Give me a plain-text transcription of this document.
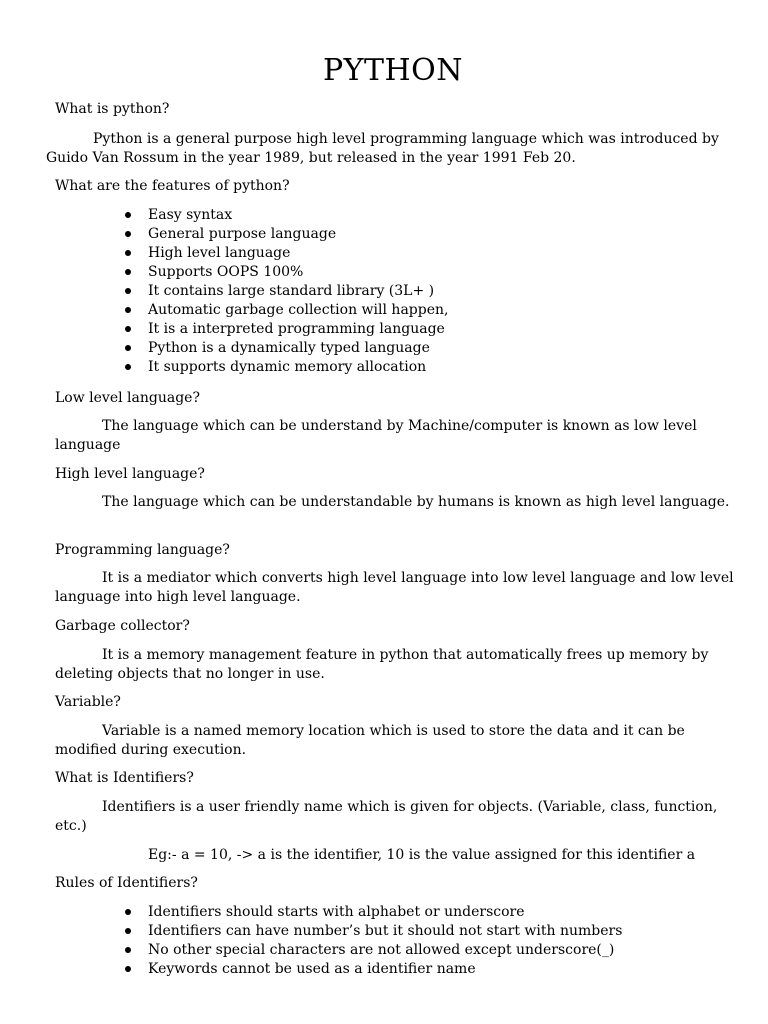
PYTHON
What is python?
Python is a general purpose high level programming language which was introduced by Guido Van Rossum in the year 1989, but released in the year 1991 Feb 20.
What are the features of python?
Easy syntax
General purpose language
High level language
Supports OOPS 100%
It contains large standard library (3L+ )
Automatic garbage collection will happen,
It is a interpreted programming language
Python is a dynamically typed language
It supports dynamic memory allocation
Low level language?
The language which can be understand by Machine/computer is known as low level language
High level language?
The language which can be understandable by humans is known as high level language.
Programming language?
It is a mediator which converts high level language into low level language and low level language into high level language.
Garbage collector?
It is a memory management feature in python that automatically frees up memory by deleting objects that no longer in use.
Variable?
Variable is a named memory location which is used to store the data and it can be modified during execution.
What is Identifiers?
Identifiers is a user friendly name which is given for objects. (Variable, class, function, etc.)
Eg:- a = 10, -> a is the identifier, 10 is the value assigned for this identifier a
Rules of Identifiers?
Identifiers should starts with alphabet or underscore
Identifiers can have number’s but it should not start with numbers
No other special characters are not allowed except underscore(_)
Keywords cannot be used as a identifier name
